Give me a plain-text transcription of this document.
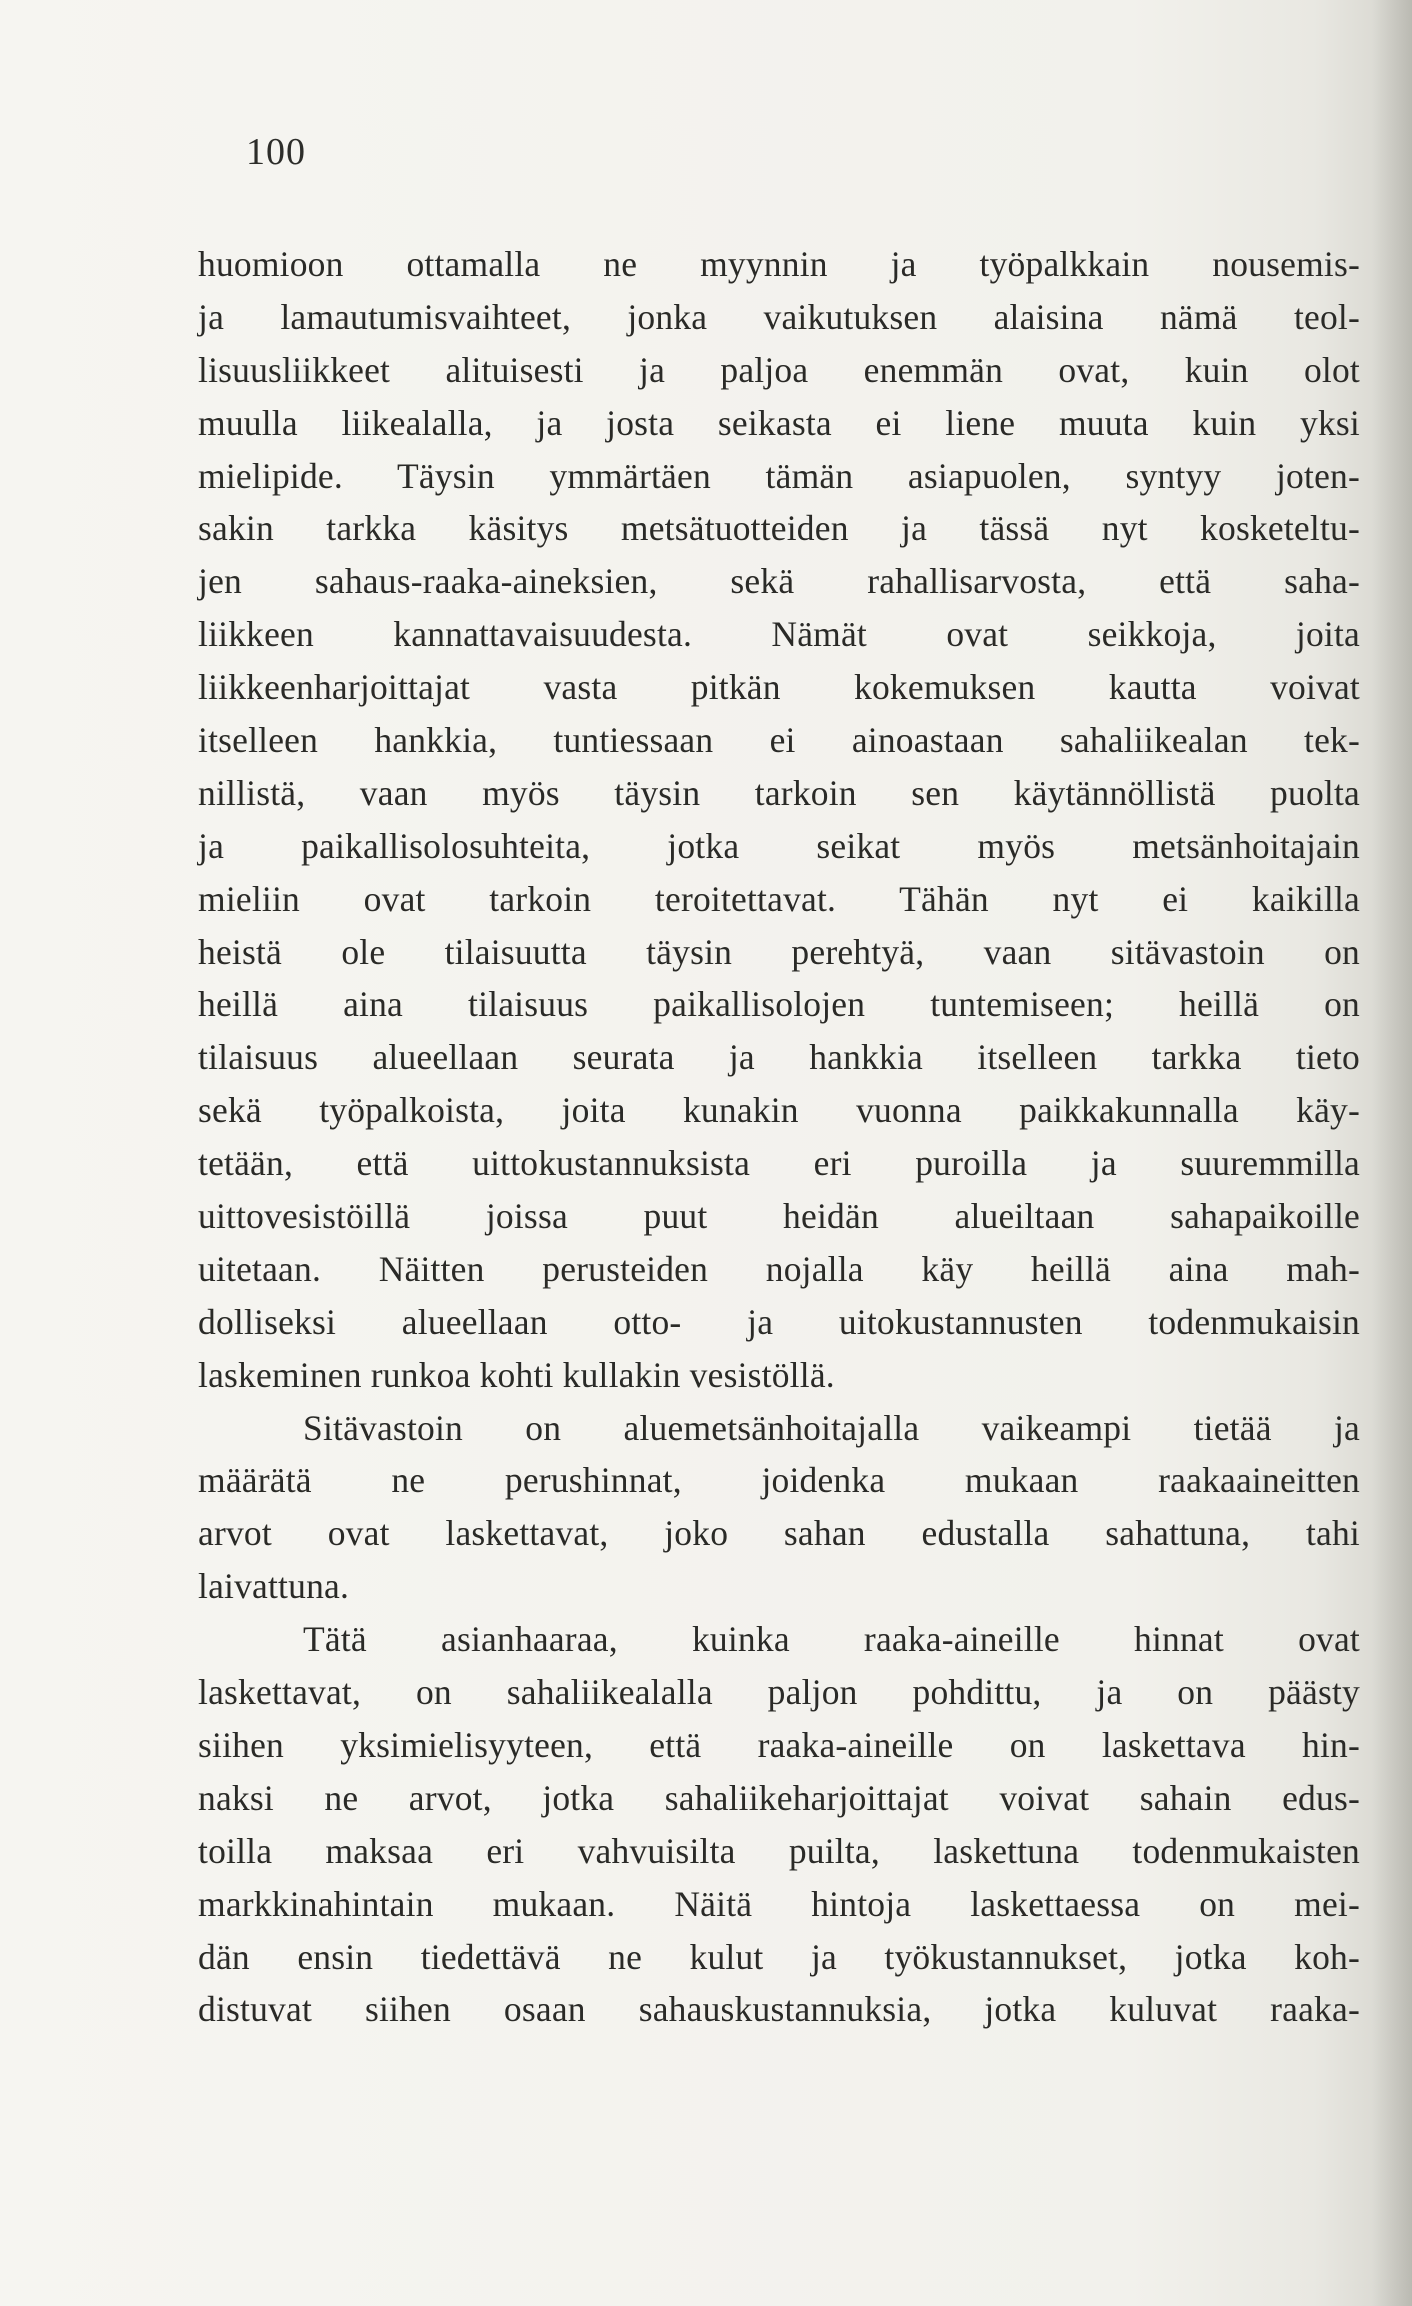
100
huomioon ottamalla ne myynnin ja työpalkkain nousemis-
ja lamautumisvaihteet, jonka vaikutuksen alaisina nämä teol-
lisuusliikkeet alituisesti ja paljoa enemmän ovat, kuin olot
muulla liikealalla, ja josta seikasta ei liene muuta kuin yksi
mielipide. Täysin ymmärtäen tämän asiapuolen, syntyy joten-
sakin tarkka käsitys metsätuotteiden ja tässä nyt kosketeltu-
jen sahaus-raaka-aineksien, sekä rahallisarvosta, että saha-
liikkeen kannattavaisuudesta. Nämät ovat seikkoja, joita
liikkeenharjoittajat vasta pitkän kokemuksen kautta voivat
itselleen hankkia, tuntiessaan ei ainoastaan sahaliikealan tek-
nillistä, vaan myös täysin tarkoin sen käytännöllistä puolta
ja paikallisolosuhteita, jotka seikat myös metsänhoitajain
mieliin ovat tarkoin teroitettavat. Tähän nyt ei kaikilla
heistä ole tilaisuutta täysin perehtyä, vaan sitävastoin on
heillä aina tilaisuus paikallisolojen tuntemiseen; heillä on
tilaisuus alueellaan seurata ja hankkia itselleen tarkka tieto
sekä työpalkoista, joita kunakin vuonna paikkakunnalla käy-
tetään, että uittokustannuksista eri puroilla ja suuremmilla
uittovesistöillä joissa puut heidän alueiltaan sahapaikoille
uitetaan. Näitten perusteiden nojalla käy heillä aina mah-
dolliseksi alueellaan otto- ja uitokustannusten todenmukaisin
laskeminen runkoa kohti kullakin vesistöllä.
Sitävastoin on aluemetsänhoitajalla vaikeampi tietää ja
määrätä ne perushinnat, joidenka mukaan raakaaineitten
arvot ovat laskettavat, joko sahan edustalla sahattuna, tahi
laivattuna.
Tätä asianhaaraa, kuinka raaka-aineille hinnat ovat
laskettavat, on sahaliikealalla paljon pohdittu, ja on päästy
siihen yksimielisyyteen, että raaka-aineille on laskettava hin-
naksi ne arvot, jotka sahaliikeharjoittajat voivat sahain edus-
toilla maksaa eri vahvuisilta puilta, laskettuna todenmukaisten
markkinahintain mukaan. Näitä hintoja laskettaessa on mei-
dän ensin tiedettävä ne kulut ja työkustannukset, jotka koh-
distuvat siihen osaan sahauskustannuksia, jotka kuluvat raaka-
